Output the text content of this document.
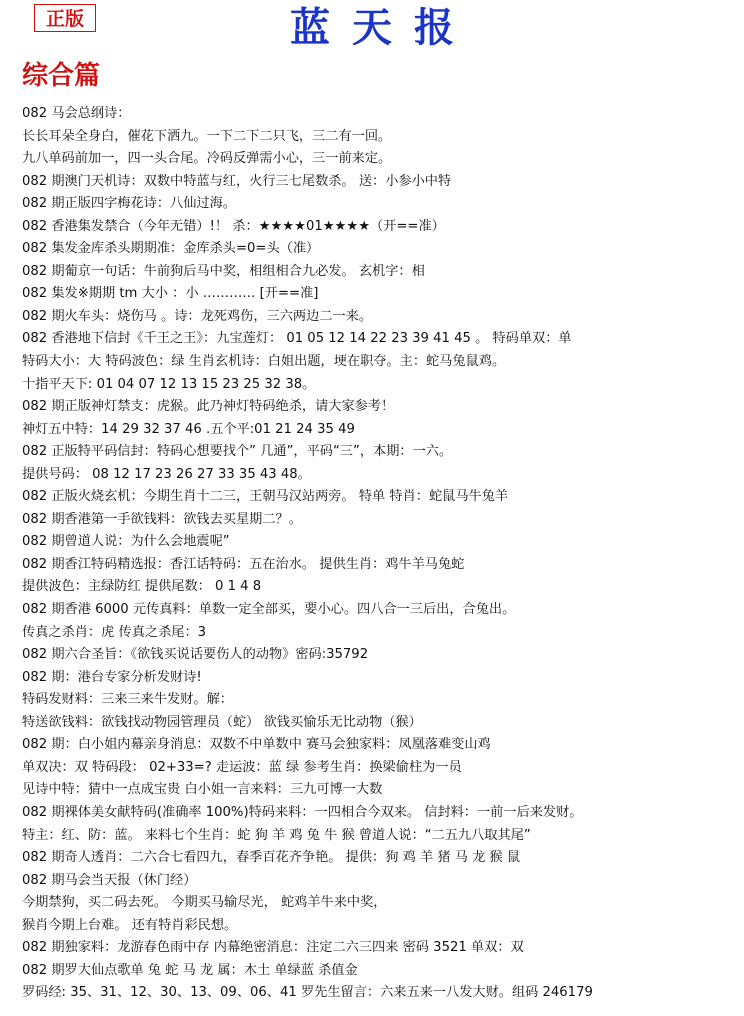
正版	蓝天报
综合篇
082 马会总纲诗：
长长耳朵全身白，催花下洒九。一下二下二只飞，三二有一回。
九八单码前加一，四一头合尾。冷码反弹需小心，三一前来定。
082 期澳门天机诗：双数中特蓝与红，火行三七尾数杀。 送：小参小中特
082 期正版四字梅花诗：八仙过海。
082 香港集发禁合（今年无错）!！ 杀：★★★★01★★★★（开==准）
082 集发金库杀头期期准：金库杀头=0=头（准）
082 期葡京一句话：牛前狗后马中奖，相组相合九必发。 玄机字：相
082 集发※期期 tm 大小 ：小 ………… [开==准]
082 期火车头：烧伤马 。诗：龙死鸡伤，三六两边二一来。
082 香港地下信封《千王之王》：九宝莲灯： 01 05 12 14 22 23 39 41 45 。 特码单双：单
特码大小：大 特码波色：绿 生肖玄机诗：白姐出题，埂在职夺。主：蛇马兔鼠鸡。
十指平天下: 01 04 07 12 13 15 23 25 32 38。
082 期正版神灯禁支：虎猴。此乃神灯特码绝杀，请大家参考！
神灯五中特：14 29 32 37 46 .五个平:01 21 24 35 49
082 正版特平码信封：特码心想要找个” 几通”，平码“三”，本期：一六。
提供号码： 08 12 17 23 26 27 33 35 43 48。
082 正版火烧玄机：今期生肖十二三，王朝马汉站两旁。 特单 特肖：蛇鼠马牛兔羊
082 期香港第一手欲钱料：欲钱去买星期二？。
082 期曾道人说：为什么会地震呢”
082 期香江特码精选报：香江话特码：五在治水。 提供生肖：鸡牛羊马兔蛇
提供波色：主绿防红 提供尾数： 0 1 4 8
082 期香港 6000 元传真料：单数一定全部买，要小心。四八合一三后出，合兔出。
传真之杀肖：虎 传真之杀尾：3
082 期六合圣旨：《欲钱买说话要伤人的动物》密码:35792
082 期：港台专家分析发财诗!
特码发财料：三来三来牛发财。解：
特送欲钱料：欲钱找动物园管理员（蛇） 欲钱买愉乐无比动物（猴）
082 期：白小姐内幕亲身消息：双数不中单数中 赛马会独家料：凤凰落难变山鸡
单双决：双 特码段： 02+33=? 走运波：蓝 绿 参考生肖：换梁偷柱为一员
见诗中特：猜中一点成宝贵 白小姐一言来料：三九可博一大数
082 期裸体美女献特码(准确率 100%)特码来料：一四相合今双来。 信封料：一前一后来发财。
特主：红、防：蓝。 来料七个生肖：蛇 狗 羊 鸡 兔 牛 猴 曾道人说：“二五九八取其尾”
082 期奇人透肖：二六合七看四九，春季百花齐争艳。 提供：狗 鸡 羊 猪 马 龙 猴 鼠
082 期马会当天报（休门经）
今期禁狗，买二码去死。 今期买马输尽光， 蛇鸡羊牛来中奖，
猴肖今期上台难。 还有特肖彩民想。
082 期独家料：龙游春色雨中存 内幕绝密消息：注定二六三四来 密码 3521 单双：双
082 期罗大仙点歌单 兔 蛇 马 龙 属：木土 单绿蓝 杀值金
罗码经: 35、31、12、30、13、09、06、41 罗先生留言：六来五来一八发大财。组码 246179
